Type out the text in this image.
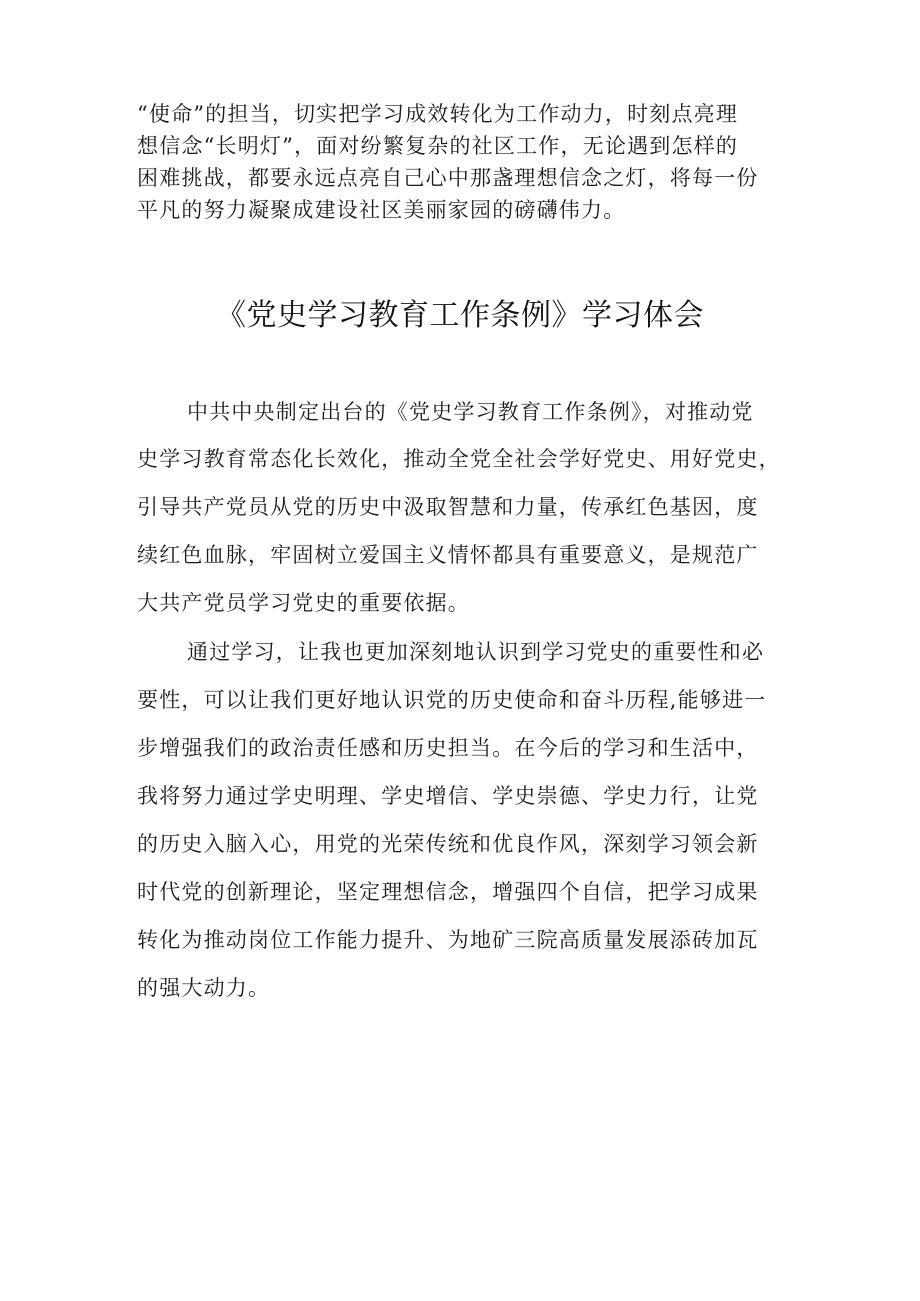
“使命”的担当，切实把学习成效转化为工作动力，时刻点亮理
想信念“长明灯”，面对纷繁复杂的社区工作，无论遇到怎样的
困难挑战，都要永远点亮自己心中那盏理想信念之灯，将每一份
平凡的努力凝聚成建设社区美丽家园的磅礴伟力。
《党史学习教育工作条例》学习体会
中共中央制定出台的《党史学习教育工作条例》，对推动党
史学习教育常态化长效化，推动全党全社会学好党史、用好党史，
引导共产党员从党的历史中汲取智慧和力量，传承红色基因，度
续红色血脉，牢固树立爱国主义情怀都具有重要意义，是规范广
大共产党员学习党史的重要依据。
通过学习，让我也更加深刻地认识到学习党史的重要性和必
要性，可以让我们更好地认识党的历史使命和奋斗历程,能够进一
步增强我们的政治责任感和历史担当。在今后的学习和生活中，
我将努力通过学史明理、学史增信、学史崇德、学史力行，让党
的历史入脑入心，用党的光荣传统和优良作风，深刻学习领会新
时代党的创新理论，坚定理想信念，增强四个自信，把学习成果
转化为推动岗位工作能力提升、为地矿三院高质量发展添砖加瓦
的强大动力。
